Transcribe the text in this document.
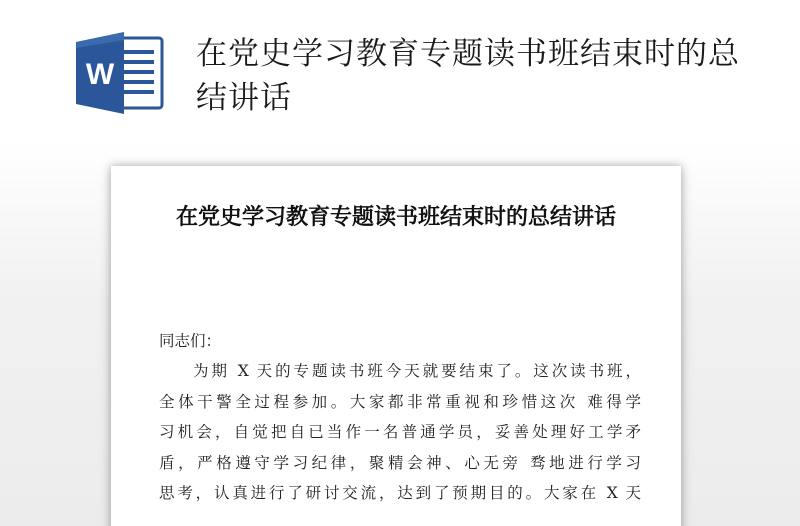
W
在党史学习教育专题读书班结束时的总结讲话
在党史学习教育专题读书班结束时的总结讲话
同志们：
为期 X 天的专题读书班今天就要结束了。这次读书班，
全体干警全过程参加。大家都非常重视和珍惜这次 难得学
习机会，自觉把自已当作一名普通学员，妥善处理好工学矛
盾，严格遵守学习纪律，聚精会神、心无旁 骛地进行学习
思考，认真进行了研讨交流，达到了预期目的。大家在 X 天
